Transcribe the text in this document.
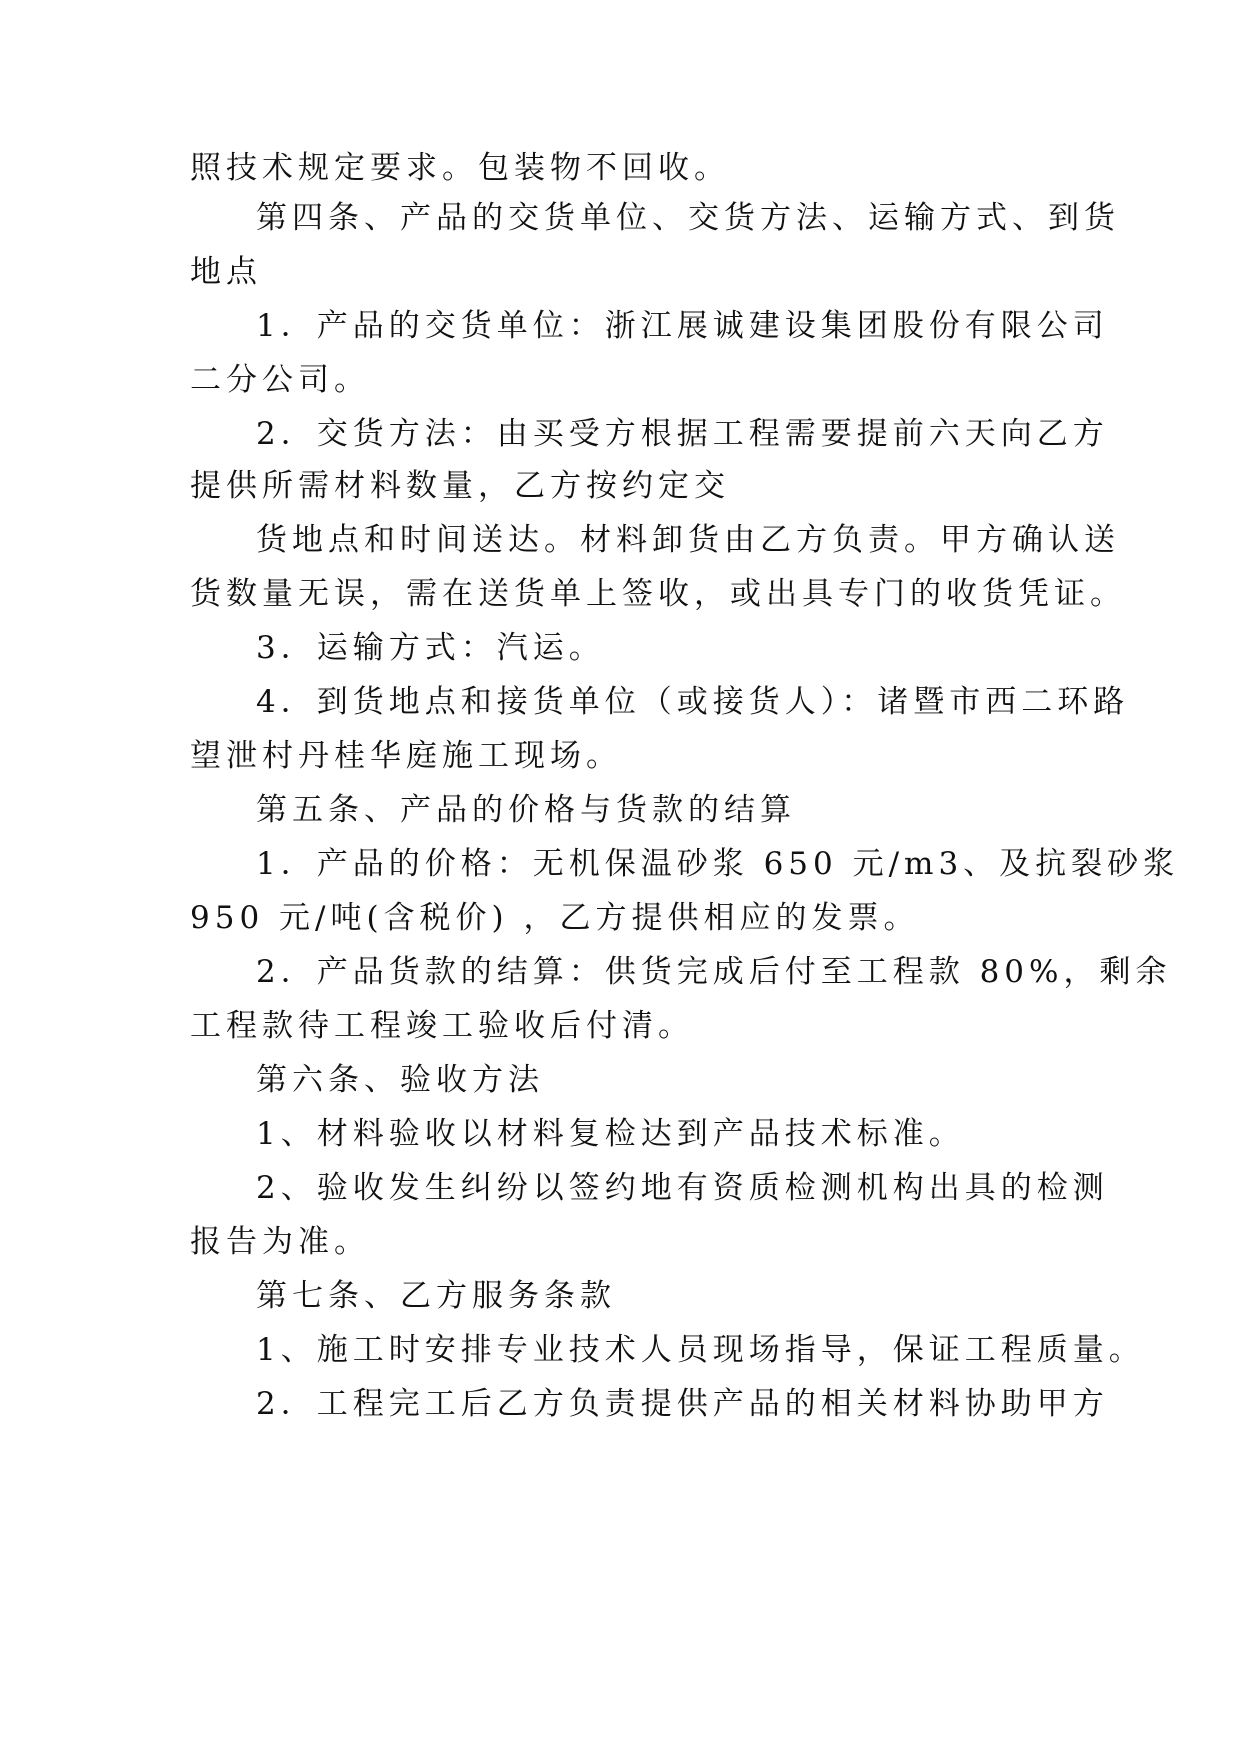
照技术规定要求。包装物不回收。

第四条、产品的交货单位、交货方法、运输方式、到货

地点

1．产品的交货单位：浙江展诚建设集团股份有限公司

二分公司。

2．交货方法：由买受方根据工程需要提前六天向乙方

提供所需材料数量，乙方按约定交

货地点和时间送达。材料卸货由乙方负责。甲方确认送

货数量无误，需在送货单上签收，或出具专门的收货凭证。

3．运输方式：汽运。

4．到货地点和接货单位（或接货人）：诸暨市西二环路

望泄村丹桂华庭施工现场。

第五条、产品的价格与货款的结算

1．产品的价格：无机保温砂浆 650 元/m3、及抗裂砂浆

950 元/吨(含税价) ，乙方提供相应的发票。

2．产品货款的结算：供货完成后付至工程款 80%，剩余

工程款待工程竣工验收后付清。

第六条、验收方法

1、材料验收以材料复检达到产品技术标准。

2、验收发生纠纷以签约地有资质检测机构出具的检测

报告为准。

第七条、乙方服务条款

1、施工时安排专业技术人员现场指导，保证工程质量。

2．工程完工后乙方负责提供产品的相关材料协助甲方
